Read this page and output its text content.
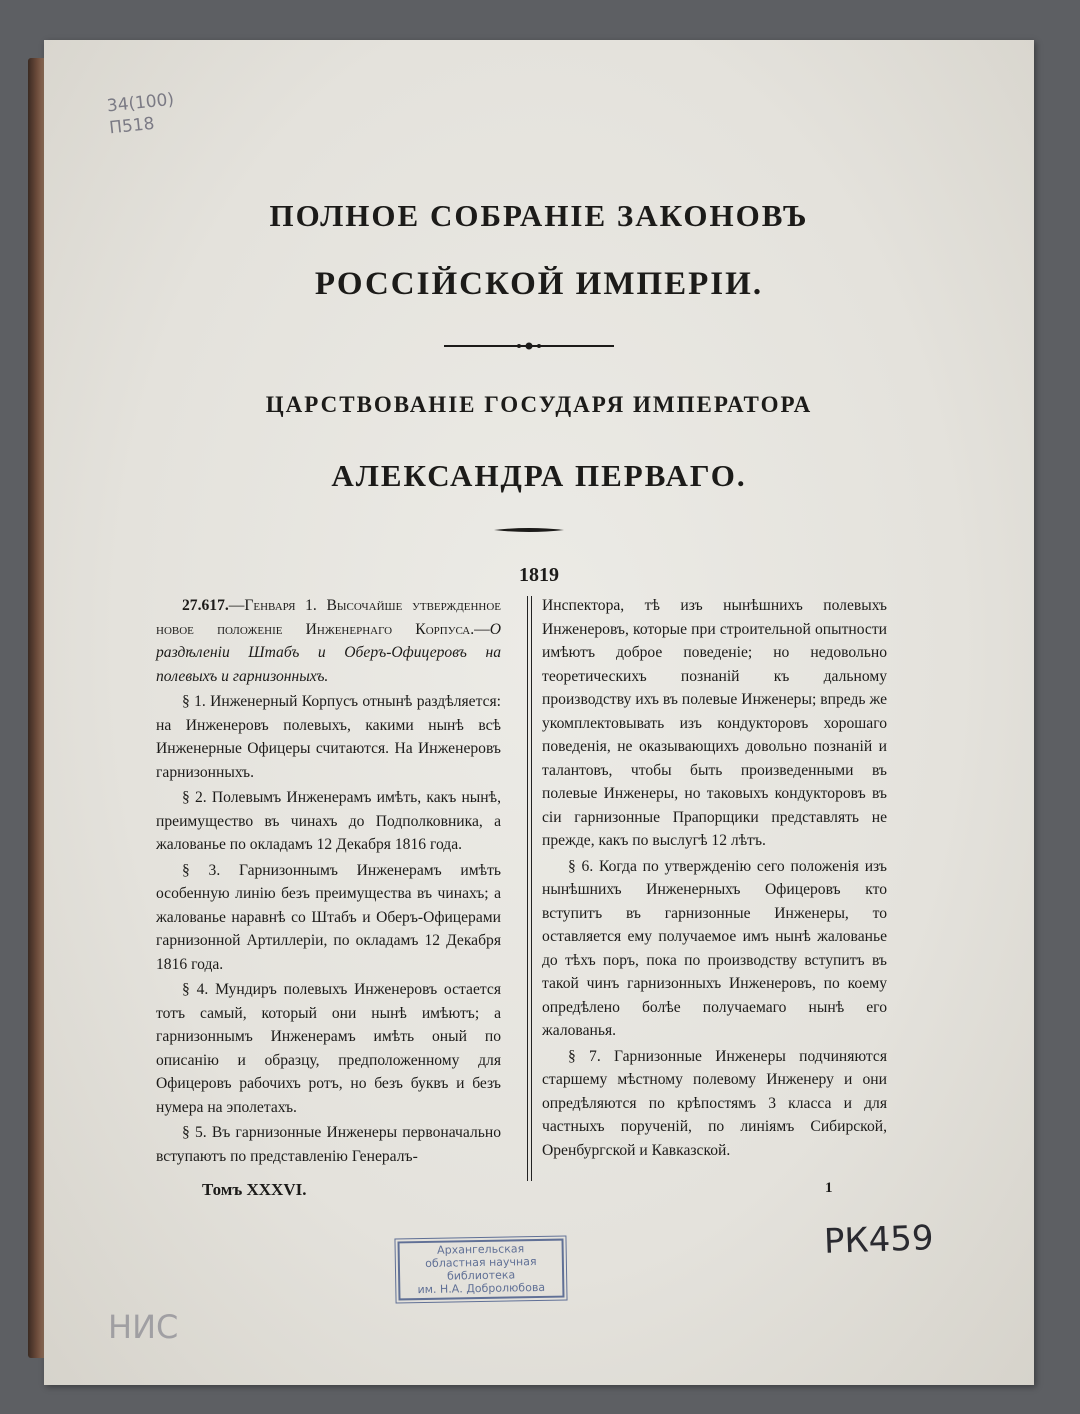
34(100)
П518
ПОЛНОЕ СОБРАНІЕ ЗАКОНОВЪ
РОССІЙСКОЙ ИМПЕРІИ.
ЦАРСТВОВАНІЕ ГОСУДАРЯ ИМПЕРАТОРА
АЛЕКСАНДРА ПЕРВАГО.
1819

27.617.—Генваря 1. Высочайше утвержденное новое положеніе Инженернаго Корпуса.—О раздѣленіи Штабъ и Оберъ-Офицеровъ на полевыхъ и гарнизонныхъ.

§ 1. Инженерный Корпусъ отнынѣ раздѣляется: на Инженеровъ полевыхъ, какими нынѣ всѣ Инженерные Офицеры считаются. На Инженеровъ гарнизонныхъ.

§ 2. Полевымъ Инженерамъ имѣть, какъ нынѣ, преимущество въ чинахъ до Подполковника, а жалованье по окладамъ 12 Декабря 1816 года.

§ 3. Гарнизоннымъ Инженерамъ имѣть особенную линію безъ преимущества въ чинахъ; а жалованье наравнѣ со Штабъ и Оберъ-Офицерами гарнизонной Артиллеріи, по окладамъ 12 Декабря 1816 года.

§ 4. Мундиръ полевыхъ Инженеровъ остается тотъ самый, который они нынѣ имѣютъ; а гарнизоннымъ Инженерамъ имѣть оный по описанію и образцу, предположенному для Офицеровъ рабочихъ ротъ, но безъ буквъ и безъ нумера на эполетахъ.

§ 5. Въ гарнизонные Инженеры первоначально вступаютъ по представленію Генералъ-

Инспектора, тѣ изъ нынѣшнихъ полевыхъ Инженеровъ, которые при строительной опытности имѣютъ доброе поведеніе; но недовольно теоретическихъ познаній къ дальному производству ихъ въ полевые Инженеры; впредь же укомплектовывать изъ кондукторовъ хорошаго поведенія, не оказывающихъ довольно познаній и талантовъ, чтобы быть произведенными въ полевые Инженеры, но таковыхъ кондукторовъ въ сіи гарнизонные Прапорщики представлять не прежде, какъ по выслугѣ 12 лѣтъ.

§ 6. Когда по утвержденію сего положенія изъ нынѣшнихъ Инженерныхъ Офицеровъ кто вступитъ въ гарнизонные Инженеры, то оставляется ему получаемое имъ нынѣ жалованье до тѣхъ поръ, пока по производству вступитъ въ такой чинъ гарнизонныхъ Инженеровъ, по коему опредѣлено болѣе получаемаго нынѣ его жалованья.

§ 7. Гарнизонные Инженеры подчиняются старшему мѣстному полевому Инженеру и они опредѣляются по крѣпостямъ 3 класса и для частныхъ порученій, по линіямъ Сибирской, Оренбургской и Кавказской.

Томъ XXXVI.	1
РК459
Архангельская
областная научная
библиотека
им. Н.А. Добролюбова
НИС
